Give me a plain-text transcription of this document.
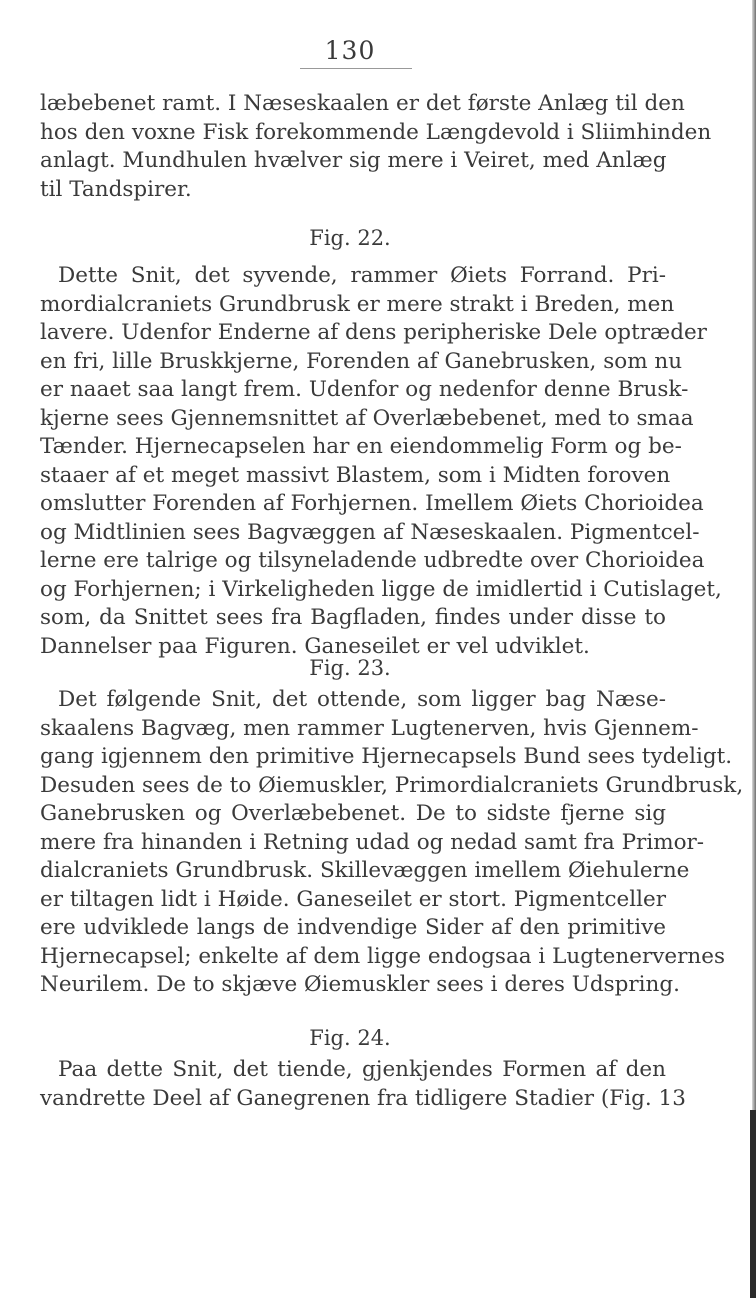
130
læbebenet ramt. I Næseskaalen er det første Anlæg til den
hos den voxne Fisk forekommende Længdevold i Sliimhinden
anlagt. Mundhulen hvælver sig mere i Veiret, med Anlæg
til Tandspirer.
Fig. 22.
Dette Snit, det syvende, rammer Øiets Forrand. Pri-
mordialcraniets Grundbrusk er mere strakt i Breden, men
lavere. Udenfor Enderne af dens peripheriske Dele optræder
en fri, lille Bruskkjerne, Forenden af Ganebrusken, som nu
er naaet saa langt frem. Udenfor og nedenfor denne Brusk-
kjerne sees Gjennemsnittet af Overlæbebenet, med to smaa
Tænder. Hjernecapselen har en eiendommelig Form og be-
staaer af et meget massivt Blastem, som i Midten foroven
omslutter Forenden af Forhjernen. Imellem Øiets Chorioidea
og Midtlinien sees Bagvæggen af Næseskaalen. Pigmentcel-
lerne ere talrige og tilsyneladende udbredte over Chorioidea
og Forhjernen; i Virkeligheden ligge de imidlertid i Cutislaget,
som, da Snittet sees fra Bagfladen, findes under disse to
Dannelser paa Figuren. Ganeseilet er vel udviklet.
Fig. 23.
Det følgende Snit, det ottende, som ligger bag Næse-
skaalens Bagvæg, men rammer Lugtenerven, hvis Gjennem-
gang igjennem den primitive Hjernecapsels Bund sees tydeligt.
Desuden sees de to Øiemuskler, Primordialcraniets Grundbrusk,
Ganebrusken og Overlæbebenet. De to sidste fjerne sig
mere fra hinanden i Retning udad og nedad samt fra Primor-
dialcraniets Grundbrusk. Skillevæggen imellem Øiehulerne
er tiltagen lidt i Høide. Ganeseilet er stort. Pigmentceller
ere udviklede langs de indvendige Sider af den primitive
Hjernecapsel; enkelte af dem ligge endogsaa i Lugtenervernes
Neurilem. De to skjæve Øiemuskler sees i deres Udspring.
Fig. 24.
Paa dette Snit, det tiende, gjenkjendes Formen af den
vandrette Deel af Ganegrenen fra tidligere Stadier (Fig. 13
